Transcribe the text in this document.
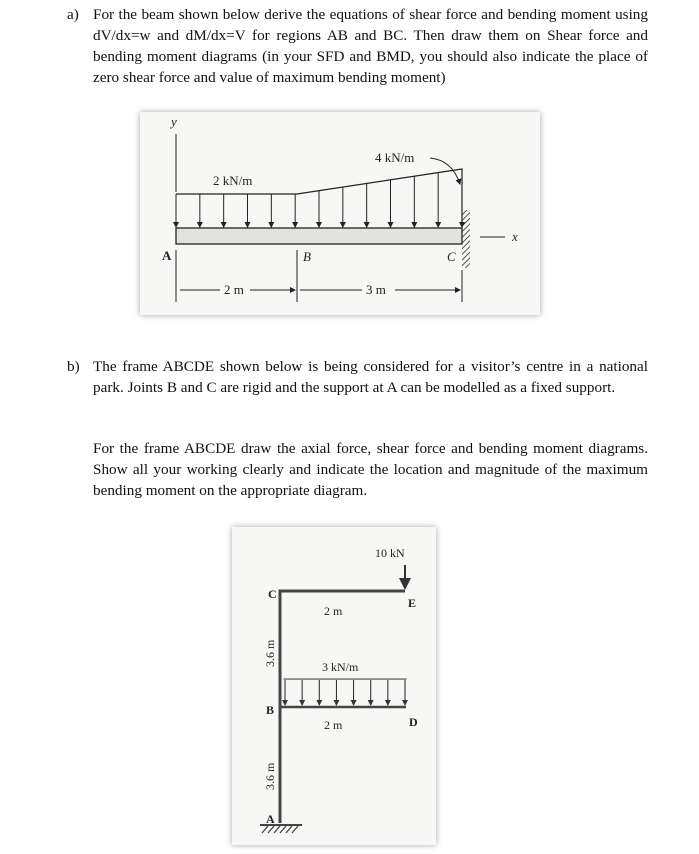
a) For the beam shown below derive the equations of shear force and bending moment using dV/dx=w and dM/dx=V for regions AB and BC. Then draw them on Shear force and bending moment diagrams (in your SFD and BMD, you should also indicate the place of zero shear force and value of maximum bending moment)
y
x
2 kN/m
4 kN/m
A	B	C
2 m	3 m
b) The frame ABCDE shown below is being considered for a visitor’s centre in a national park. Joints B and C are rigid and the support at A can be modelled as a fixed support.
For the frame ABCDE draw the axial force, shear force and bending moment diagrams. Show all your working clearly and indicate the location and magnitude of the maximum bending moment on the appropriate diagram.
10 kN
C
E
2 m
3 kN/m
B
D
2 m
3.6 m
3.6 m
A
